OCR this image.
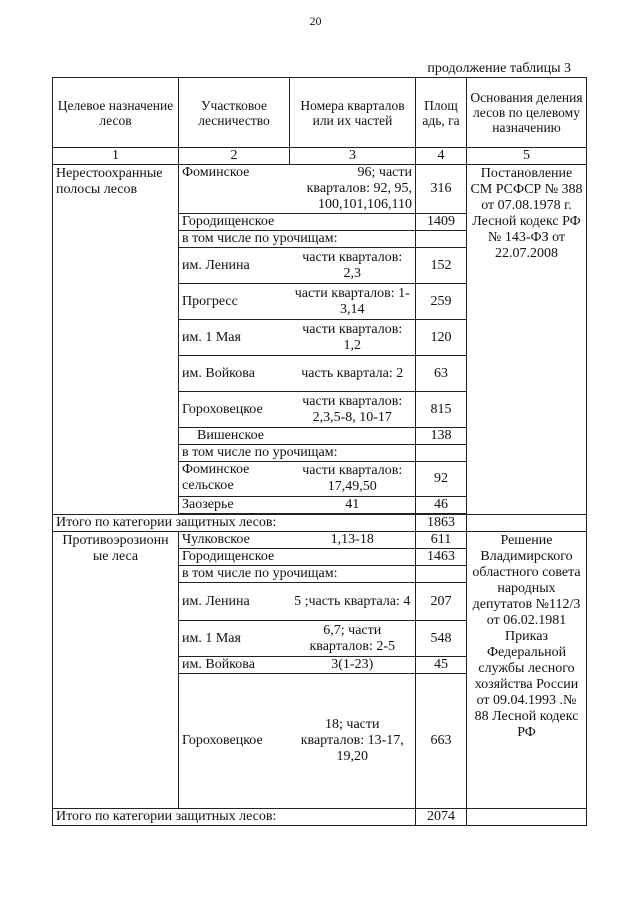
20
продолжение таблицы 3
Целевое назначение лесов	Участковое лесничество	Номера кварталов или их частей	Площ адь, га	Основания деления лесов по целевому назначению
1	2	3	4	5
Нерестоохранные полосы лесов	Фоминское	96; части кварталов: 92, 95, 100,101,106,110	316	Постановление СМ РСФСР № 388 от 07.08.1978 г. Лесной кодекс РФ № 143-ФЗ от 22.07.2008
	Городищенское		1409	
	в том числе по урочищам:			
	им. Ленина	части кварталов: 2,3	152	
	Прогресс	части кварталов: 1-3,14	259	
	им. 1 Мая	части кварталов: 1,2	120	
	им. Войкова	часть квартала: 2	63	
	Гороховецкое	части кварталов: 2,3,5-8, 10-17	815	
	Вишенское		138	
	в том числе по урочищам:			
	Фоминское сельское	части кварталов: 17,49,50	92	
	Заозерье	41	46	

Итого по категории защитных лесов:			1863	
Противоэрозионн ые леса	Чулковское	1,13-18	611	Решение Владимирского областного совета народных депутатов №112/3 от 06.02.1981 Приказ Федеральной службы лесного хозяйства России от 09.04.1993 .№ 88 Лесной кодекс РФ
	Городищенское		1463	
	в том числе по урочищам:			
	им. Ленина	5 ;часть квартала: 4	207	
	им. 1 Мая	6,7; части кварталов: 2-5	548	
	им. Войкова	3(1-23)	45	
	Гороховецкое	18; части кварталов: 13-17, 19,20	663	
Итого по категории защитных лесов:			2074	
